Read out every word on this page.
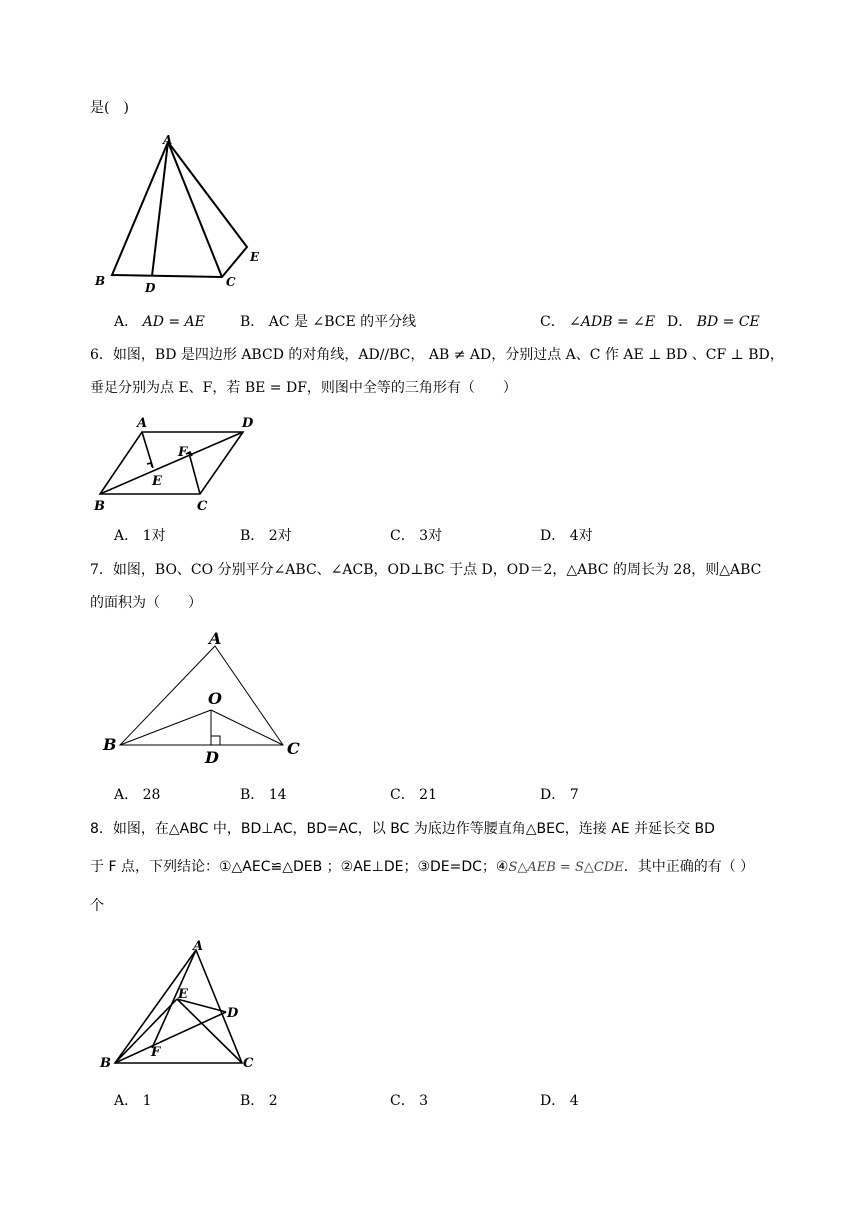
是(　)
A
B	D	C
E
A． AD = AE	B． AC 是 ∠BCE 的平分线	C． ∠ADB = ∠E D． BD = CE
6．如图，BD 是四边形 ABCD 的对角线，AD//BC， AB ≠ AD，分别过点 A、C 作 AE ⊥ BD 、CF ⊥ BD，
垂足分别为点 E、F，若 BE = DF，则图中全等的三角形有（　　）
A	D
F
E
B	C
A． 1对	B． 2对	C． 3对	D． 4对
7．如图，BO、CO 分别平分∠ABC、∠ACB，OD⊥BC 于点 D，OD＝2，△ABC 的周长为 28，则△ABC
的面积为（　　）
A
O
B	C
D
A． 28	B． 14	C． 21	D． 7
8．如图，在△ABC 中，BD⊥AC，BD=AC，以 BC 为底边作等腰直角△BEC，连接 AE 并延长交 BD
于 F 点，下列结论：①△AEC≌△DEB ；②AE⊥DE；③DE=DC；④S△AEB = S△CDE．其中正确的有（ ）
个
A
E
D
F
B	C
A． 1	B． 2	C． 3	D． 4
